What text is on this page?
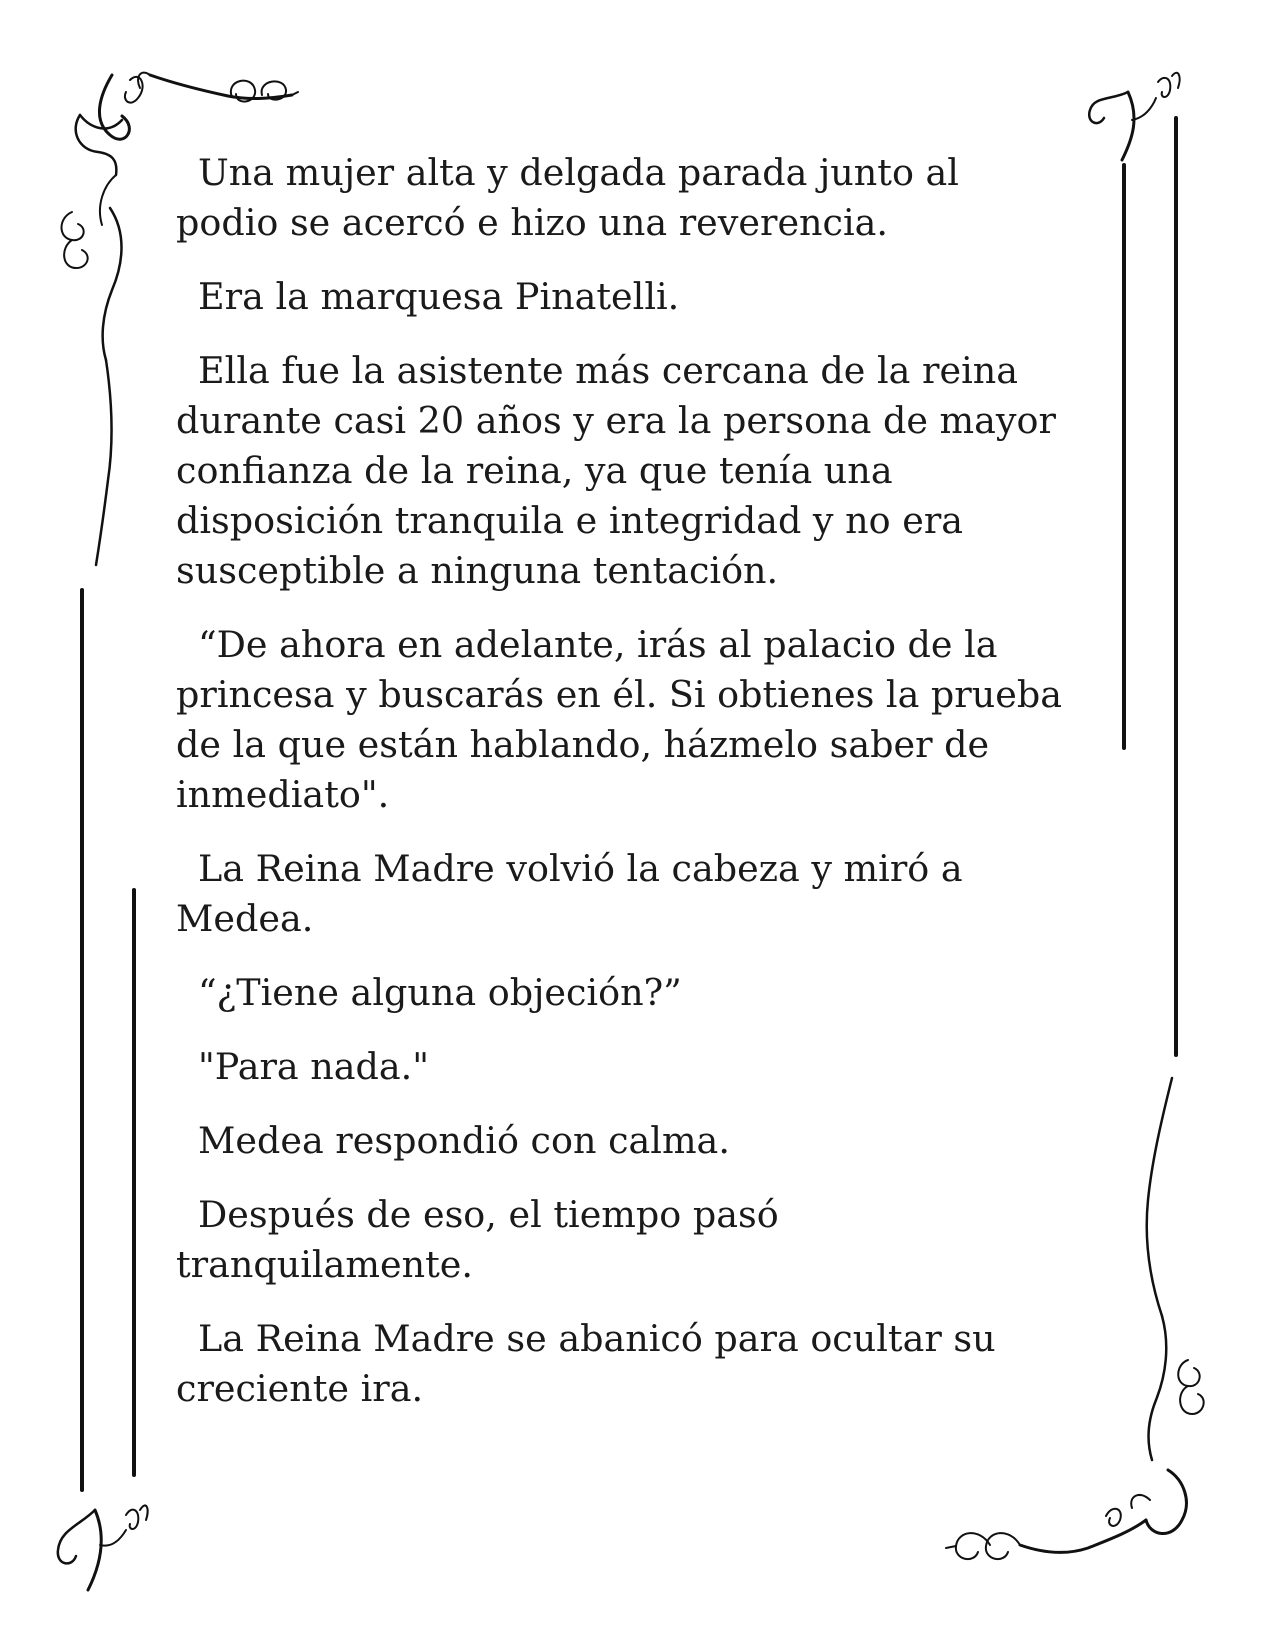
Una mujer alta y delgada parada junto al
podio se acercó e hizo una reverencia.

Era la marquesa Pinatelli.

Ella fue la asistente más cercana de la reina
durante casi 20 años y era la persona de mayor
confianza de la reina, ya que tenía una
disposición tranquila e integridad y no era
susceptible a ninguna tentación.

“De ahora en adelante, irás al palacio de la
princesa y buscarás en él. Si obtienes la prueba
de la que están hablando, házmelo saber de
inmediato".

La Reina Madre volvió la cabeza y miró a
Medea.

“¿Tiene alguna objeción?”

"Para nada."

Medea respondió con calma.

Después de eso, el tiempo pasó
tranquilamente.

La Reina Madre se abanicó para ocultar su
creciente ira.
